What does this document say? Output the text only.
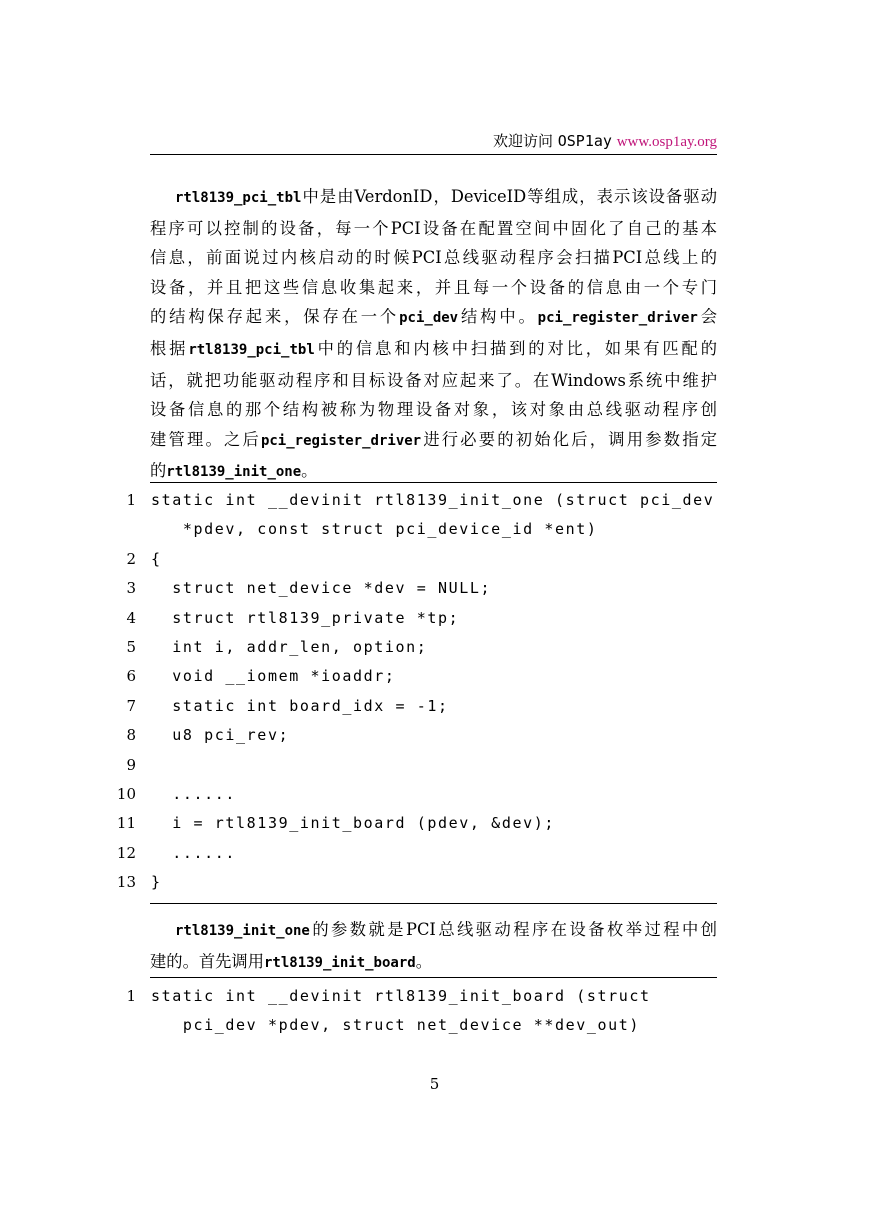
欢迎访问 OSP1ay www.osp1ay.org
rtl8139_pci_tbl中是由VerdonID，DeviceID等组成，表示该设备驱动
程序可以控制的设备，每一个PCI设备在配置空间中固化了自己的基本
信息，前面说过内核启动的时候PCI总线驱动程序会扫描PCI总线上的
设备，并且把这些信息收集起来，并且每一个设备的信息由一个专门
的结构保存起来，保存在一个pci_dev结构中。pci_register_driver会
根据rtl8139_pci_tbl中的信息和内核中扫描到的对比，如果有匹配的
话，就把功能驱动程序和目标设备对应起来了。在Windows系统中维护
设备信息的那个结构被称为物理设备对象，该对象由总线驱动程序创
建管理。之后pci_register_driver进行必要的初始化后，调用参数指定
的rtl8139_init_one。
1 static int __devinit rtl8139_init_one (struct pci_dev
*pdev, const struct pci_device_id *ent)
2 {
3 struct net_device *dev = NULL;
4 struct rtl8139_private *tp;
5 int i, addr_len, option;
6 void __iomem *ioaddr;
7 static int board_idx = -1;
8 u8 pci_rev;
9
10 ......
11 i = rtl8139_init_board (pdev, &dev);
12 ......
13 }
rtl8139_init_one的参数就是PCI总线驱动程序在设备枚举过程中创
建的。首先调用rtl8139_init_board。
1 static int __devinit rtl8139_init_board (struct
pci_dev *pdev, struct net_device **dev_out)
5
